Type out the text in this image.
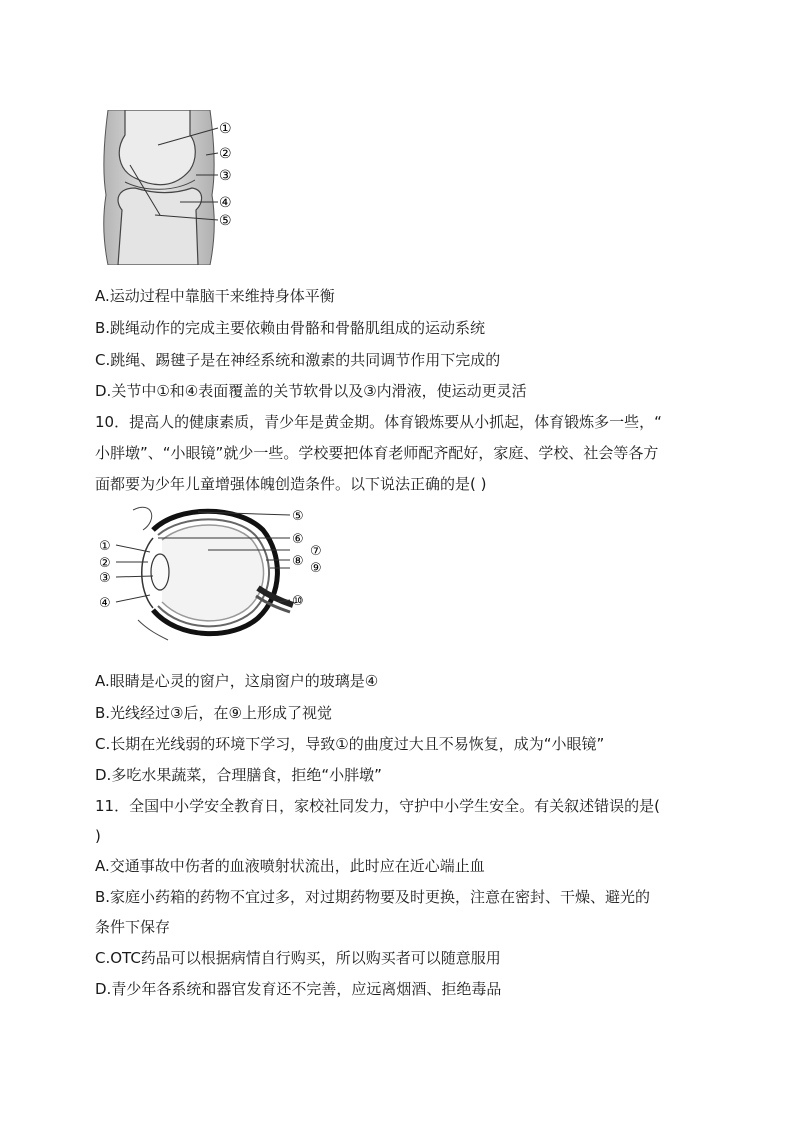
①
②
③
④
⑤
A.运动过程中靠脑干来维持身体平衡
B.跳绳动作的完成主要依赖由骨骼和骨骼肌组成的运动系统
C.跳绳、踢毽子是在神经系统和激素的共同调节作用下完成的
D.关节中①和④表面覆盖的关节软骨以及③内滑液，使运动更灵活
10．提高人的健康素质，青少年是黄金期。体育锻炼要从小抓起，体育锻炼多一些，“
小胖墩”、“小眼镜”就少一些。学校要把体育老师配齐配好，家庭、学校、社会等各方
面都要为少年儿童增强体魄创造条件。以下说法正确的是( )
①
②
③
④
⑤
⑥
⑦
⑧ ⑨
⑩
A.眼睛是心灵的窗户，这扇窗户的玻璃是④
B.光线经过③后，在⑨上形成了视觉
C.长期在光线弱的环境下学习，导致①的曲度过大且不易恢复，成为“小眼镜”
D.多吃水果蔬菜，合理膳食，拒绝“小胖墩”
11．全国中小学安全教育日，家校社同发力，守护中小学生安全。有关叙述错误的是(
)
A.交通事故中伤者的血液喷射状流出，此时应在近心端止血
B.家庭小药箱的药物不宜过多，对过期药物要及时更换，注意在密封、干燥、避光的
条件下保存
C.OTC药品可以根据病情自行购买，所以购买者可以随意服用
D.青少年各系统和器官发育还不完善，应远离烟酒、拒绝毒品
